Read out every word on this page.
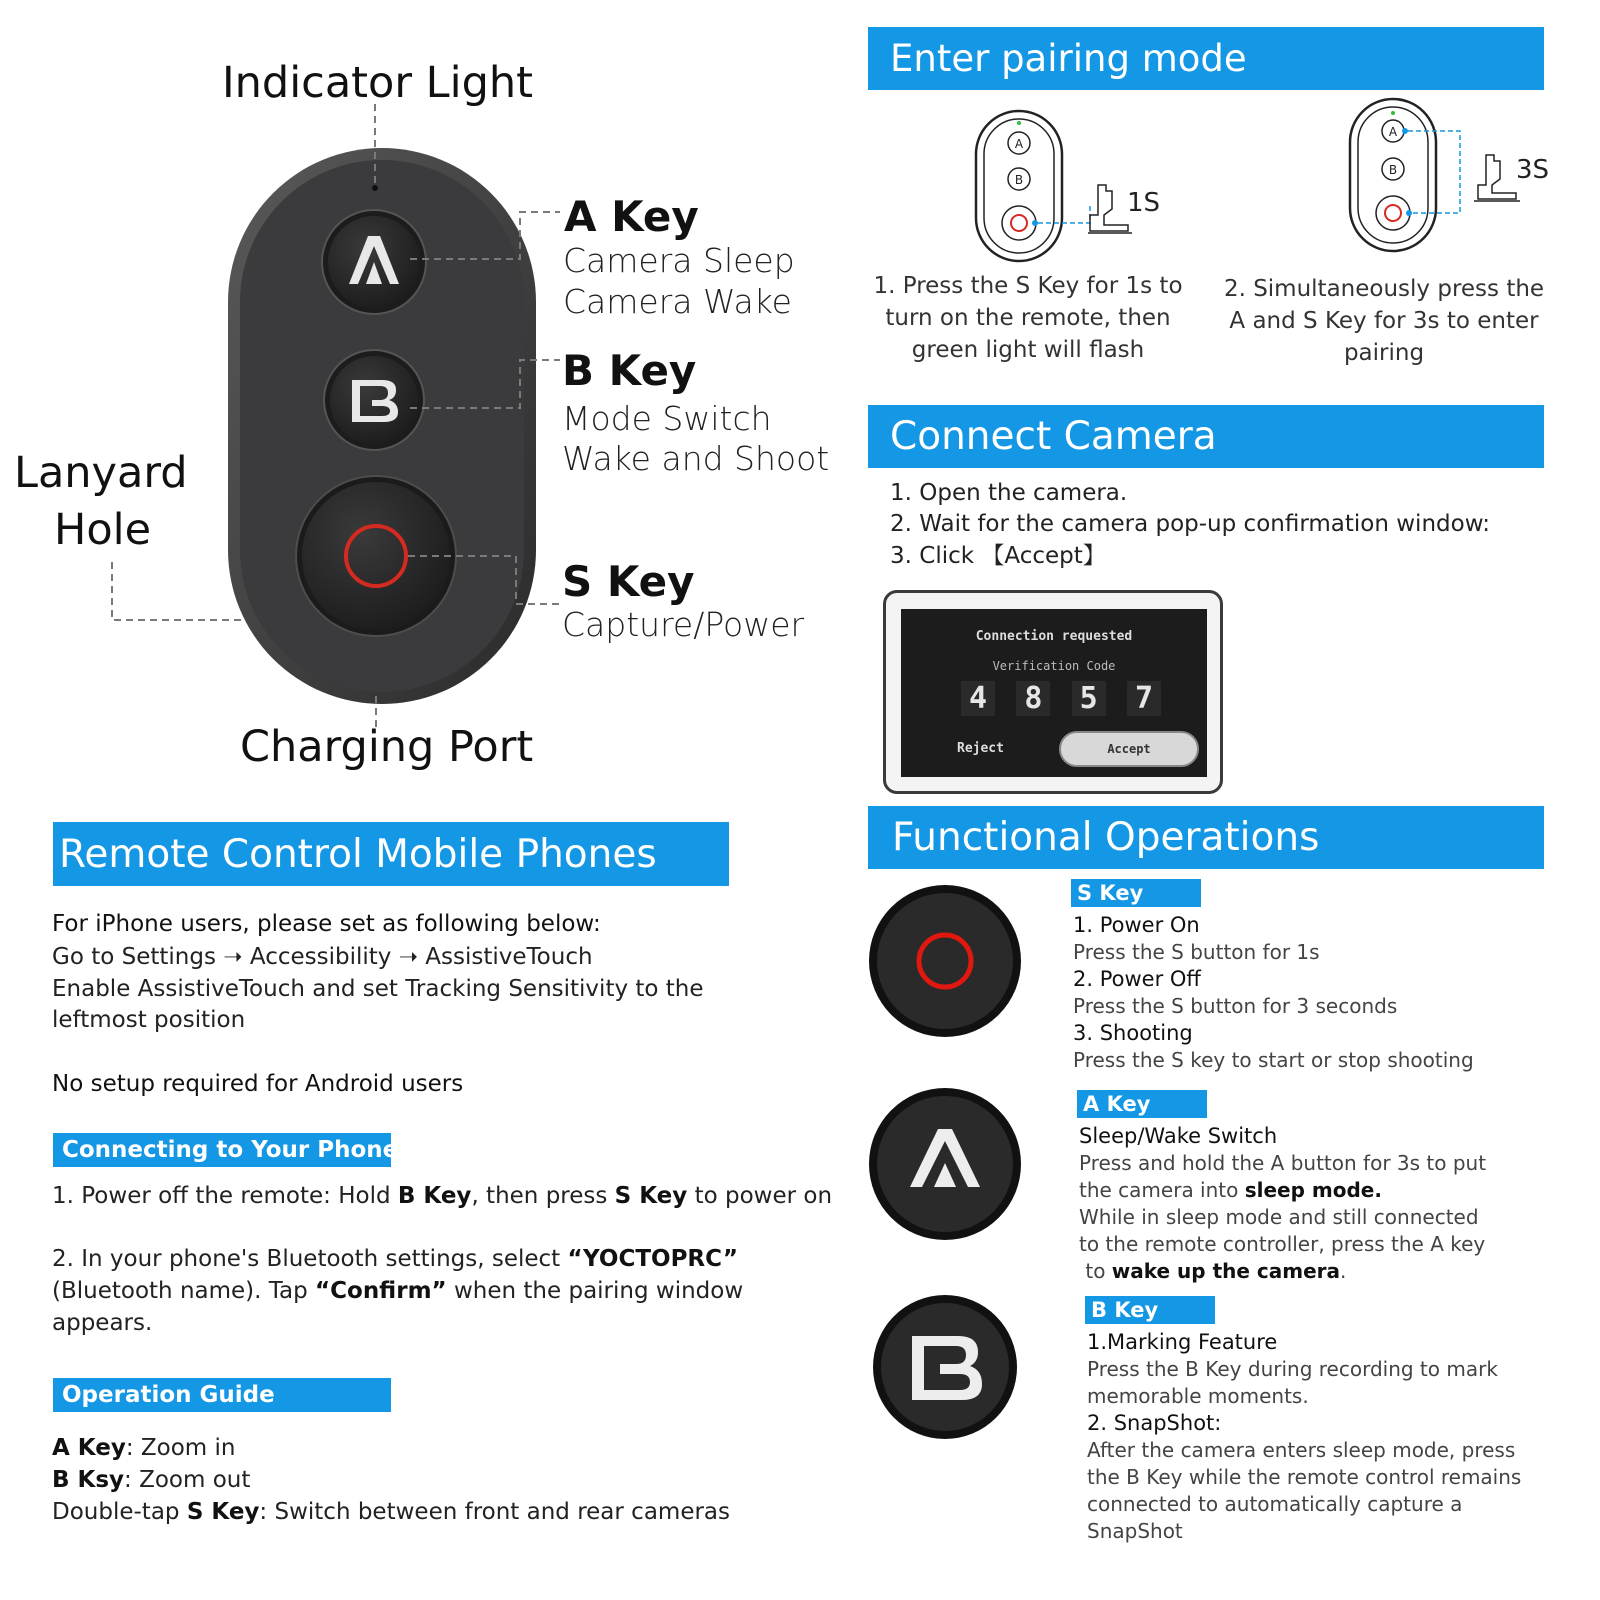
Indicator Light
A Key
Camera Sleep
Camera Wake
B Key
Mode Switch
Wake and Shoot
S Key
Capture/Power
Lanyard
Hole
Charging Port
Remote Control Mobile Phones
For iPhone users, please set as following below:
Go to Settings ➝ Accessibility ➝ AssistiveTouch
Enable AssistiveTouch and set Tracking Sensitivity to the
leftmost position
No setup required for Android users
Connecting to Your Phone
1. Power off the remote: Hold B Key, then press S Key to power on
2. In your phone's Bluetooth settings, select “YOCTOPRC”
(Bluetooth name). Tap “Confirm” when the pairing window
appears.
Operation Guide
A Key: Zoom in
B Ksy: Zoom out
Double-tap S Key: Switch between front and rear cameras
Enter pairing mode
A
B
A
B
1S
3S
1. Press the S Key for 1s to
turn on the remote, then
green light will flash
2. Simultaneously press the
A and S Key for 3s to enter
pairing
Connect Camera
1. Open the camera.
2. Wait for the camera pop-up confirmation window:
3. Click 【Accept】
Connection requested
Verification Code
4 8 5 7
Reject	Accept
Functional Operations
S Key
1. Power On
Press the S button for 1s
2. Power Off
Press the S button for 3 seconds
3. Shooting
Press the S key to start or stop shooting
A Key
Sleep/Wake Switch
Press and hold the A button for 3s to put
the camera into sleep mode.
While in sleep mode and still connected
to the remote controller, press the A key
to wake up the camera.
B Key
1.Marking Feature
Press the B Key during recording to mark
memorable moments.
2. SnapShot:
After the camera enters sleep mode, press
the B Key while the remote control remains
connected to automatically capture a
SnapShot
